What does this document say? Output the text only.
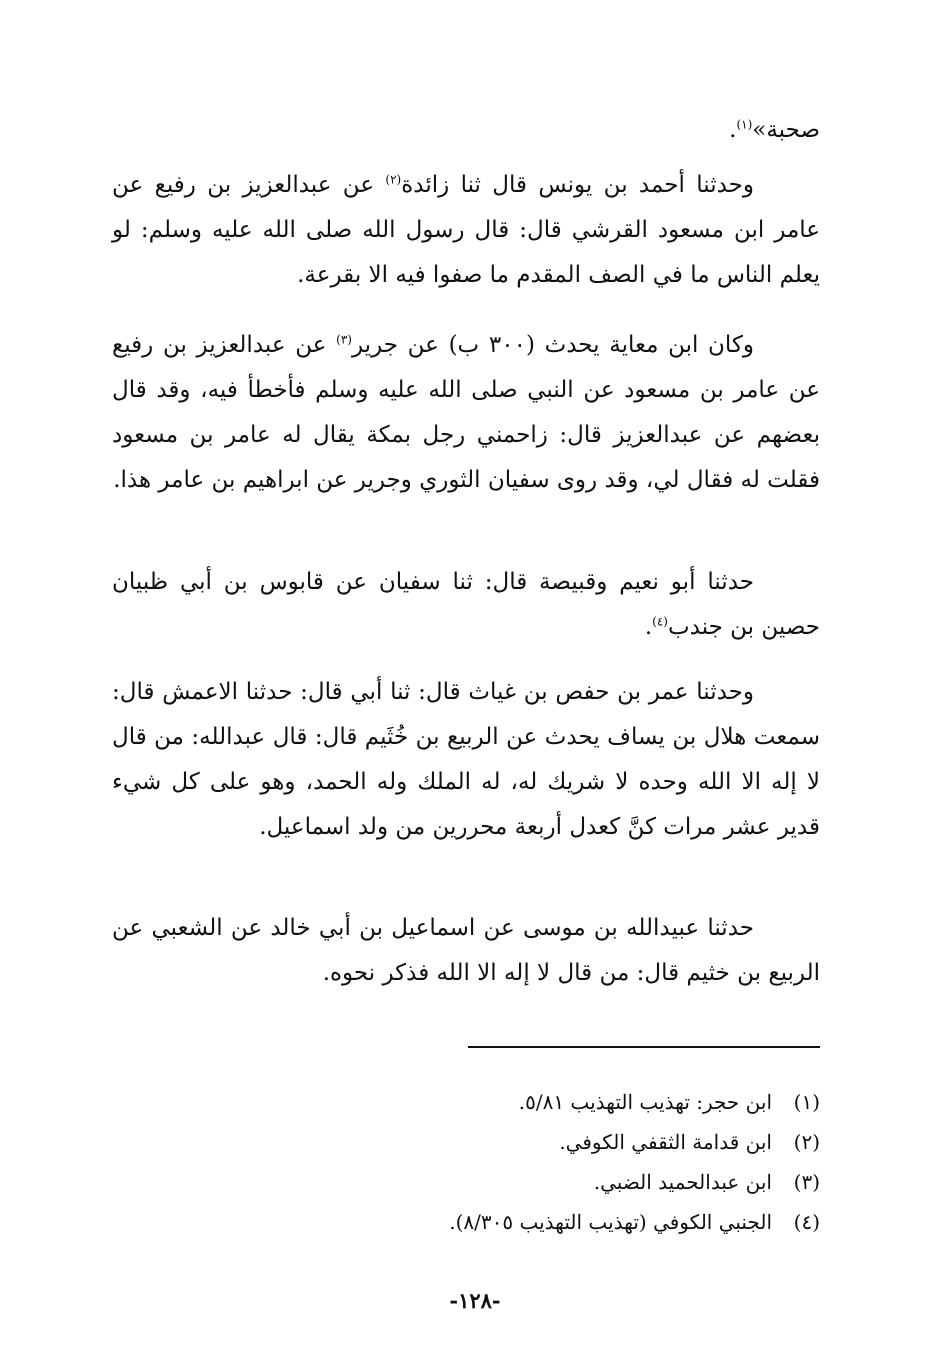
صحبة»$^{(١)}$.

وحدثنا أحمد بن يونس قال ثنا زائدة$^{(٢)}$ عن عبدالعزيز بن رفيع عن عامر ابن مسعود القرشي قال: قال رسول الله صلى الله عليه وسلم: لو يعلم الناس ما في الصف المقدم ما صفوا فيه الا بقرعة.

وكان ابن معاية يحدث (٣٠٠ ب) عن جرير$^{(٣)}$ عن عبدالعزيز بن رفيع عن عامر بن مسعود عن النبي صلى الله عليه وسلم فأخطأ فيه، وقد قال بعضهم عن عبدالعزيز قال: زاحمني رجل بمكة يقال له عامر بن مسعود فقلت له فقال لي، وقد روى سفيان الثوري وجرير عن ابراهيم بن عامر هذا.

حدثنا أبو نعيم وقبيصة قال: ثنا سفيان عن قابوس بن أبي ظبيان حصين بن جندب$^{(٤)}$.

وحدثنا عمر بن حفص بن غياث قال: ثنا أبي قال: حدثنا الاعمش قال: سمعت هلال بن يساف يحدث عن الربيع بن خُثَيم قال: قال عبدالله: من قال لا إله الا الله وحده لا شريك له، له الملك وله الحمد، وهو على كل شيء قدير عشر مرات كنَّ كعدل أربعة محررين من ولد اسماعيل.

حدثنا عبيدالله بن موسى عن اسماعيل بن أبي خالد عن الشعبي عن الربيع بن خثيم قال: من قال لا إله الا الله فذكر نحوه.

(١)ابن حجر: تهذيب التهذيب ٥/٨١.
(٢)ابن قدامة الثقفي الكوفي.
(٣)ابن عبدالحميد الضبي.
(٤)الجنبي الكوفي (تهذيب التهذيب ٨/٣٠٥).
-١٢٨-
